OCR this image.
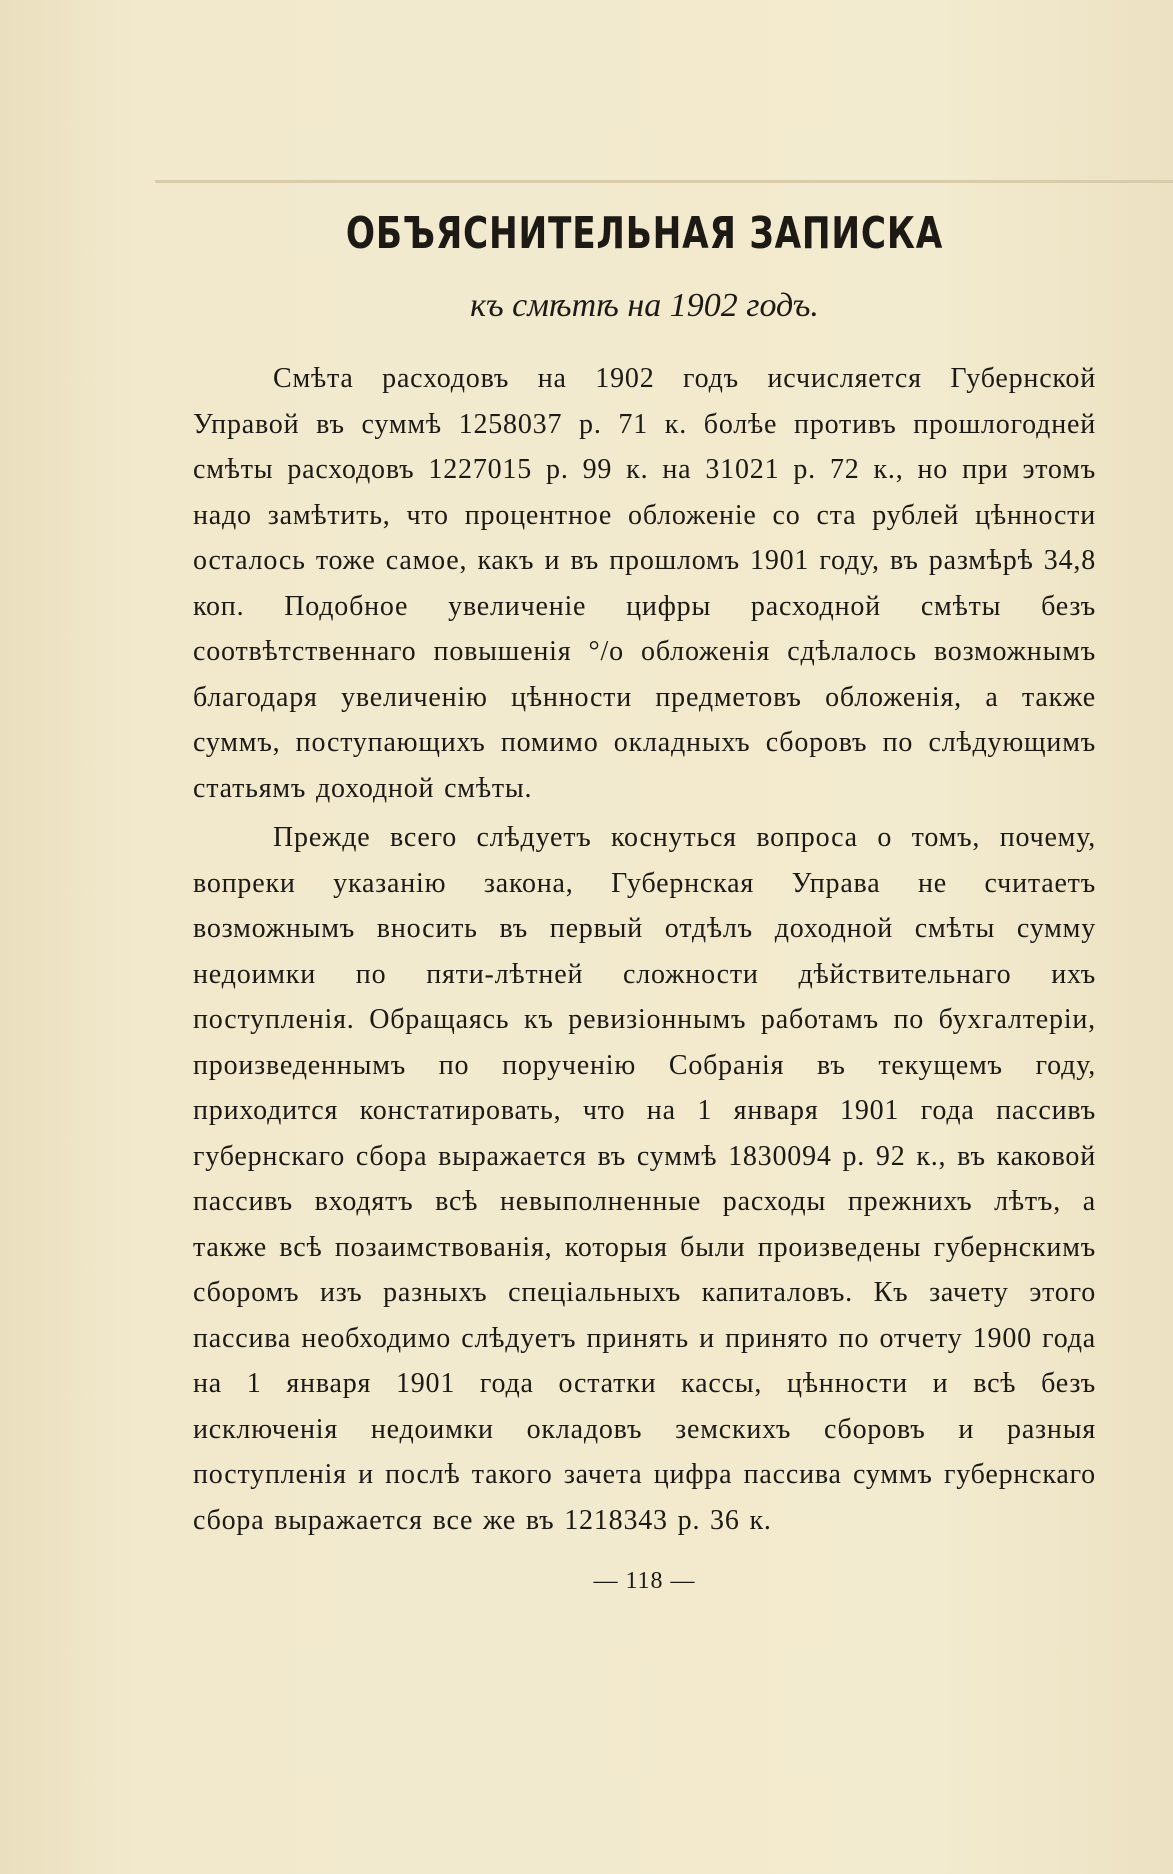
ОБЪЯСНИТЕЛЬНАЯ ЗАПИСКА
къ смѣтѣ на 1902 годъ.

Смѣта расходовъ на 1902 годъ исчисляется Губернской Управой въ суммѣ 1258037 р. 71 к. болѣе противъ прошлогодней смѣты расходовъ 1227015 р. 99 к. на 31021 р. 72 к., но при этомъ надо замѣтить, что процентное обложеніе со ста рублей цѣнности осталось тоже самое, какъ и въ прошломъ 1901 году, въ размѣрѣ 34,8 коп. Подобное увеличеніе цифры расходной смѣты безъ соотвѣтственнаго повышенія °/о обложенія сдѣлалось возможнымъ благодаря увеличенію цѣнности предметовъ обложенія, а также суммъ, поступающихъ помимо окладныхъ сборовъ по слѣдующимъ статьямъ доходной смѣты.

Прежде всего слѣдуетъ коснуться вопроса о томъ, почему, вопреки указанію закона, Губернская Управа не считаетъ возможнымъ вносить въ первый отдѣлъ доходной смѣты сумму недоимки по пяти-лѣтней сложности дѣйствительнаго ихъ поступленія. Обращаясь къ ревизіоннымъ работамъ по бухгалтеріи, произведеннымъ по порученію Собранія въ текущемъ году, приходится констатировать, что на 1 января 1901 года пассивъ губернскаго сбора выражается въ суммѣ 1830094 р. 92 к., въ каковой пассивъ входятъ всѣ невыполненные расходы прежнихъ лѣтъ, а также всѣ позаимствованія, которыя были произведены губернскимъ сборомъ изъ разныхъ спеціальныхъ капиталовъ. Къ зачету этого пассива необходимо слѣдуетъ принять и принято по отчету 1900 года на 1 января 1901 года остатки кассы, цѣнности и всѣ безъ исключенія недоимки окладовъ земскихъ сборовъ и разныя поступленія и послѣ такого зачета цифра пассива суммъ губернскаго сбора выражается все же въ 1218343 р. 36 к.

— 118 —
